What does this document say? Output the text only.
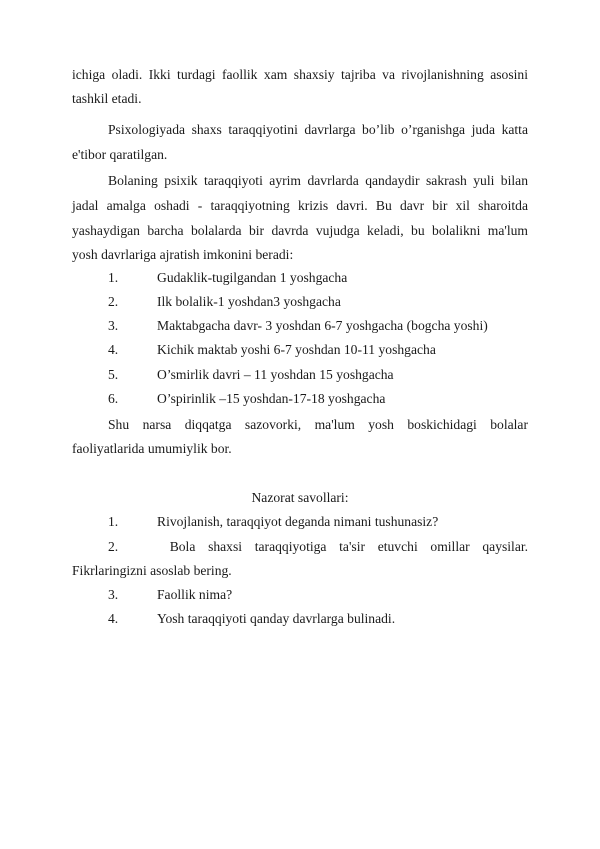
ichiga oladi. Ikki turdagi faollik xam shaxsiy tajriba va rivojlanishning asosini
tashkil etadi.
Psixologiyada shaxs taraqqiyotini davrlarga bo’lib o’rganishga juda katta
e'tibor qaratilgan.
Bolaning psixik taraqqiyoti ayrim davrlarda qandaydir sakrash yuli bilan
jadal amalga oshadi - taraqqiyotning krizis davri. Bu davr bir xil sharoitda
yashaydigan barcha bolalarda bir davrda vujudga keladi, bu bolalikni ma'lum
yosh davrlariga ajratish imkonini beradi:
1.	Gudaklik-tugilgandan 1 yoshgacha
2.	Ilk bolalik-1 yoshdan3 yoshgacha
3.	Maktabgacha davr- 3 yoshdan 6-7 yoshgacha (bogcha yoshi)
4.	Kichik maktab yoshi 6-7 yoshdan 10-11 yoshgacha
5.	O’smirlik davri – 11 yoshdan 15 yoshgacha
6.	O’spirinlik –15 yoshdan-17-18 yoshgacha
Shu narsa diqqatga sazovorki, ma'lum yosh boskichidagi bolalar
faoliyatlarida umumiylik bor.
Nazorat savollari:
1.	Rivojlanish, taraqqiyot deganda nimani tushunasiz?
2.	Bola shaxsi taraqqiyotiga ta'sir etuvchi omillar qaysilar.
Fikrlaringizni asoslab bering.
3.	Faollik nima?
4.	Yosh taraqqiyoti qanday davrlarga bulinadi.
